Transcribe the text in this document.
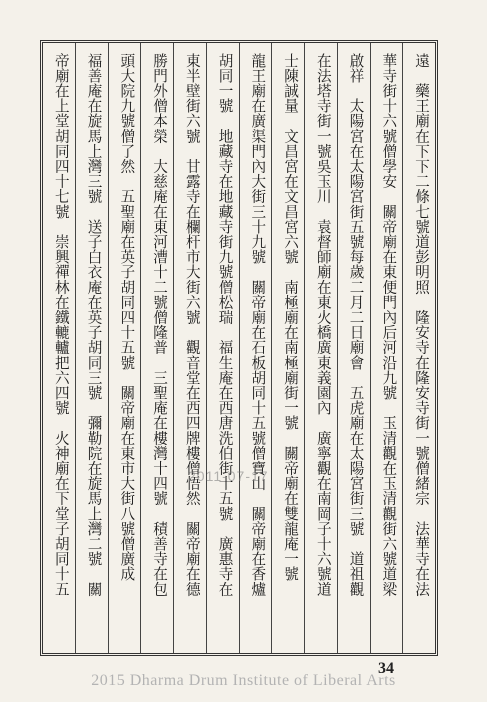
遠　藥王廟在下下二條七號道彭明照　隆安寺在隆安寺街一號僧緒宗　法華寺在法
華寺街十六號僧學安　關帝廟在東便門內后河沿九號　玉清觀在玉清觀街六號道梁
啟祥　太陽宮在太陽宮街五號每歲二月二日廟會　五虎廟在太陽宮街三號　道祖觀
在法塔寺街一號吳玉川　袁督師廟在東火橋廣東義園內　廣寧觀在南岡子十六號道
士陳誠量　文昌宮在文昌宮六號　南極廟在南極廟街一號　關帝廟在雙龍庵一號
龍王廟在廣渠門內大街三十九號　關帝廟在石板胡同十五號僧寶山　關帝廟在香爐
胡同一號　地藏寺在地藏寺街九號僧松瑞　福生庵在西唐洗伯街十五號　廣惠寺在
東半壁街六號　甘露寺在欄杆市大街六號　觀音堂在西四牌樓僧悟然　關帝廟在德
勝門外僧本榮　大慈庵在東河漕十二號僧隆普　三聖庵在樓灣十四號　積善寺在包
頭大院九號僧了然　五聖廟在英子胡同四十五號　關帝廟在東市大街八號僧廣成
福善庵在旋馬上灣三號　送子白衣庵在英子胡同三號　彌勒院在旋馬上灣二號　關
帝廟在上堂胡同四十七號　崇興禪林在鐵轆轤把六四號　火神廟在下堂子胡同十五	2011-07-17
34
2015 Dharma Drum Institute of Liberal Arts
